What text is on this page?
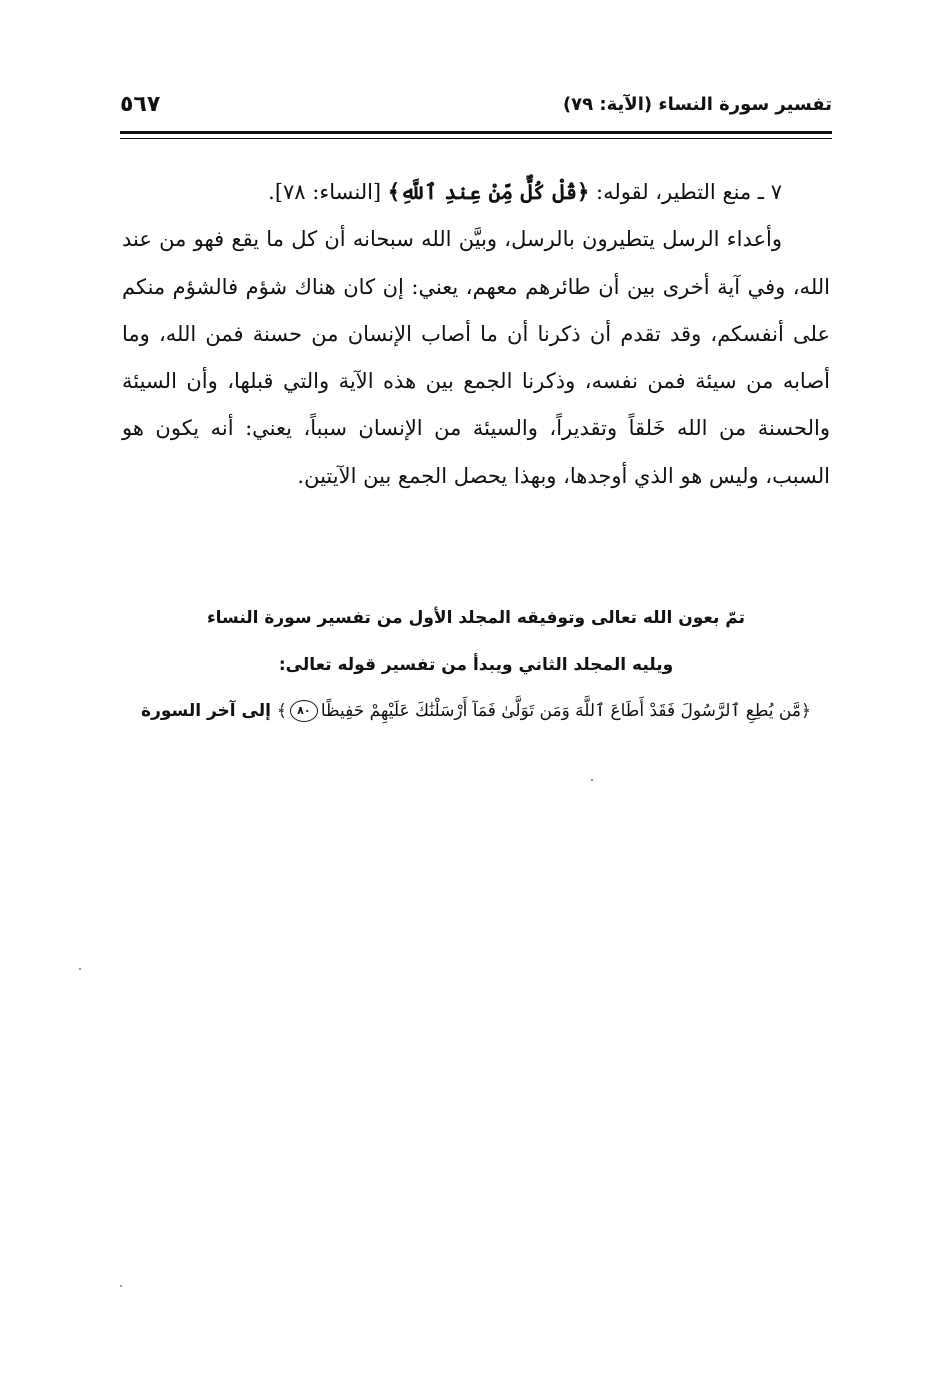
تفسير سورة النساء (الآية: ٧٩)
٥٦٧

٧ ـ منع التطير، لقوله: ﴿قُلْ كُلٌّ مِّنْ عِندِ ٱللَّهِ﴾ [النساء: ٧٨].

وأعداء الرسل يتطيرون بالرسل، وبيَّن الله سبحانه أن كل ما يقع فهو من عند الله، وفي آية أخرى بين أن طائرهم معهم، يعني: إن كان هناك شؤم فالشؤم منكم على أنفسكم، وقد تقدم أن ذكرنا أن ما أصاب الإنسان من حسنة فمن الله، وما أصابه من سيئة فمن نفسه، وذكرنا الجمع بين هذه الآية والتي قبلها، وأن السيئة والحسنة من الله خَلقاً وتقديراً، والسيئة من الإنسان سبباً، يعني: أنه يكون هو السبب، وليس هو الذي أوجدها، وبهذا يحصل الجمع بين الآيتين.

تمّ بعون الله تعالى وتوفيقه المجلد الأول من تفسير سورة النساء
ويليه المجلد الثاني ويبدأ من تفسير قوله تعالى:
﴿مَّن يُطِعِ ٱلرَّسُولَ فَقَدْ أَطَاعَ ٱللَّهَ وَمَن تَوَلَّىٰ فَمَآ أَرْسَلْنَٰكَ عَلَيْهِمْ حَفِيظًا٨٠﴾ إلى آخر السورة
